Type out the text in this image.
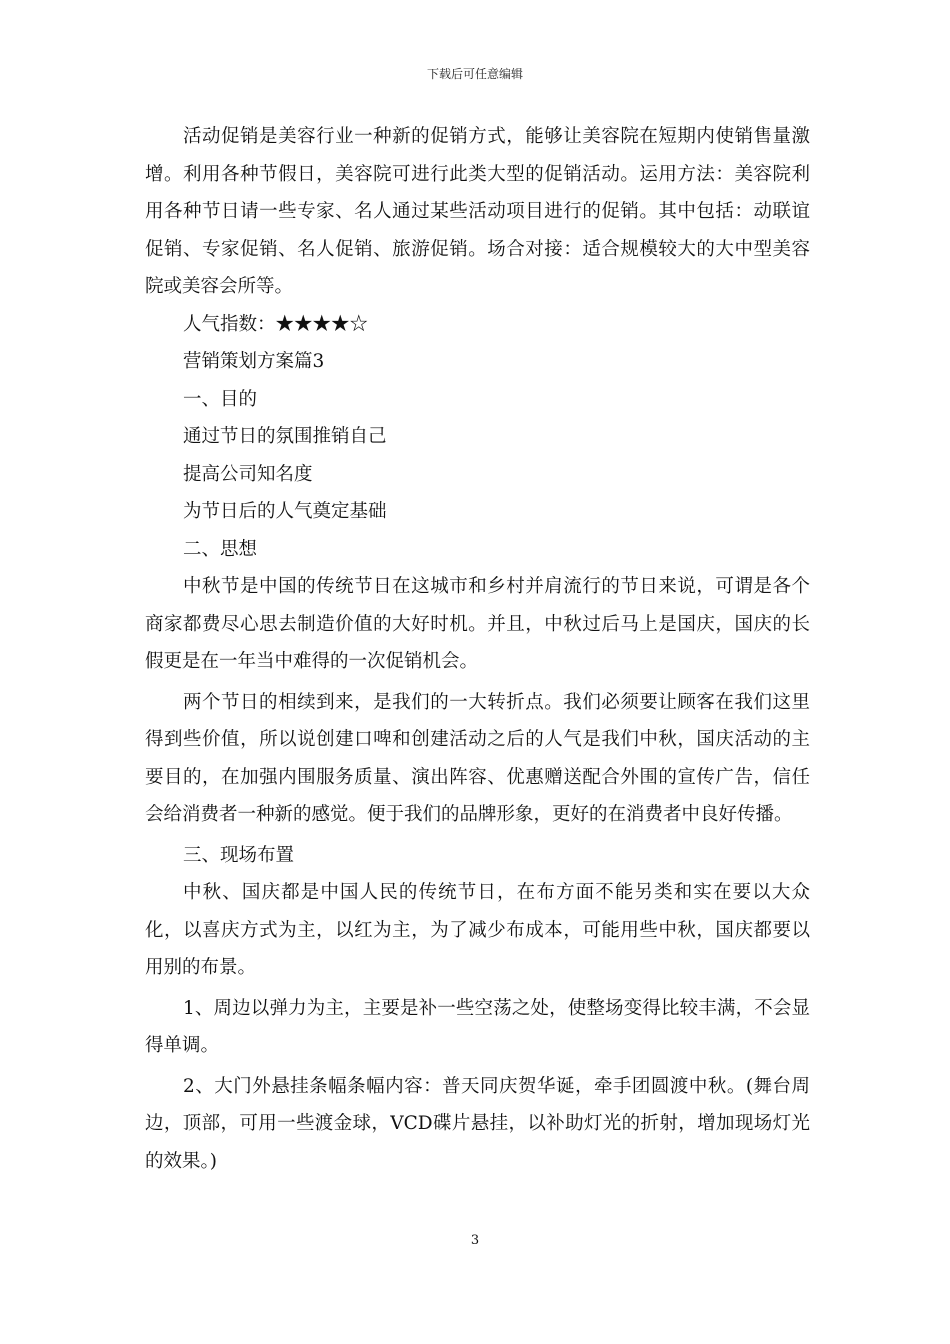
下载后可任意编辑

活动促销是美容行业一种新的促销方式，能够让美容院在短期内使销售量激增。利用各种节假日，美容院可进行此类大型的促销活动。运用方法：美容院利用各种节日请一些专家、名人通过某些活动项目进行的促销。其中包括：动联谊促销、专家促销、名人促销、旅游促销。场合对接：适合规模较大的大中型美容院或美容会所等。

人气指数：★★★★☆

营销策划方案篇3

一、目的

通过节日的氛围推销自己

提高公司知名度

为节日后的人气奠定基础

二、思想

中秋节是中国的传统节日在这城市和乡村并肩流行的节日来说，可谓是各个商家都费尽心思去制造价值的大好时机。并且，中秋过后马上是国庆，国庆的长假更是在一年当中难得的一次促销机会。

两个节日的相续到来，是我们的一大转折点。我们必须要让顾客在我们这里得到些价值，所以说创建口啤和创建活动之后的人气是我们中秋，国庆活动的主要目的，在加强内围服务质量、演出阵容、优惠赠送配合外围的宣传广告，信任会给消费者一种新的感觉。便于我们的品牌形象，更好的在消费者中良好传播。

三、现场布置

中秋、国庆都是中国人民的传统节日，在布方面不能另类和实在要以大众化，以喜庆方式为主，以红为主，为了减少布成本，可能用些中秋，国庆都要以用别的布景。

1、周边以弹力为主，主要是补一些空荡之处，使整场变得比较丰满，不会显得单调。

2、大门外悬挂条幅条幅内容：普天同庆贺华诞，牵手团圆渡中秋。(舞台周边，顶部，可用一些渡金球，VCD碟片悬挂，以补助灯光的折射，增加现场灯光的效果。)

3
